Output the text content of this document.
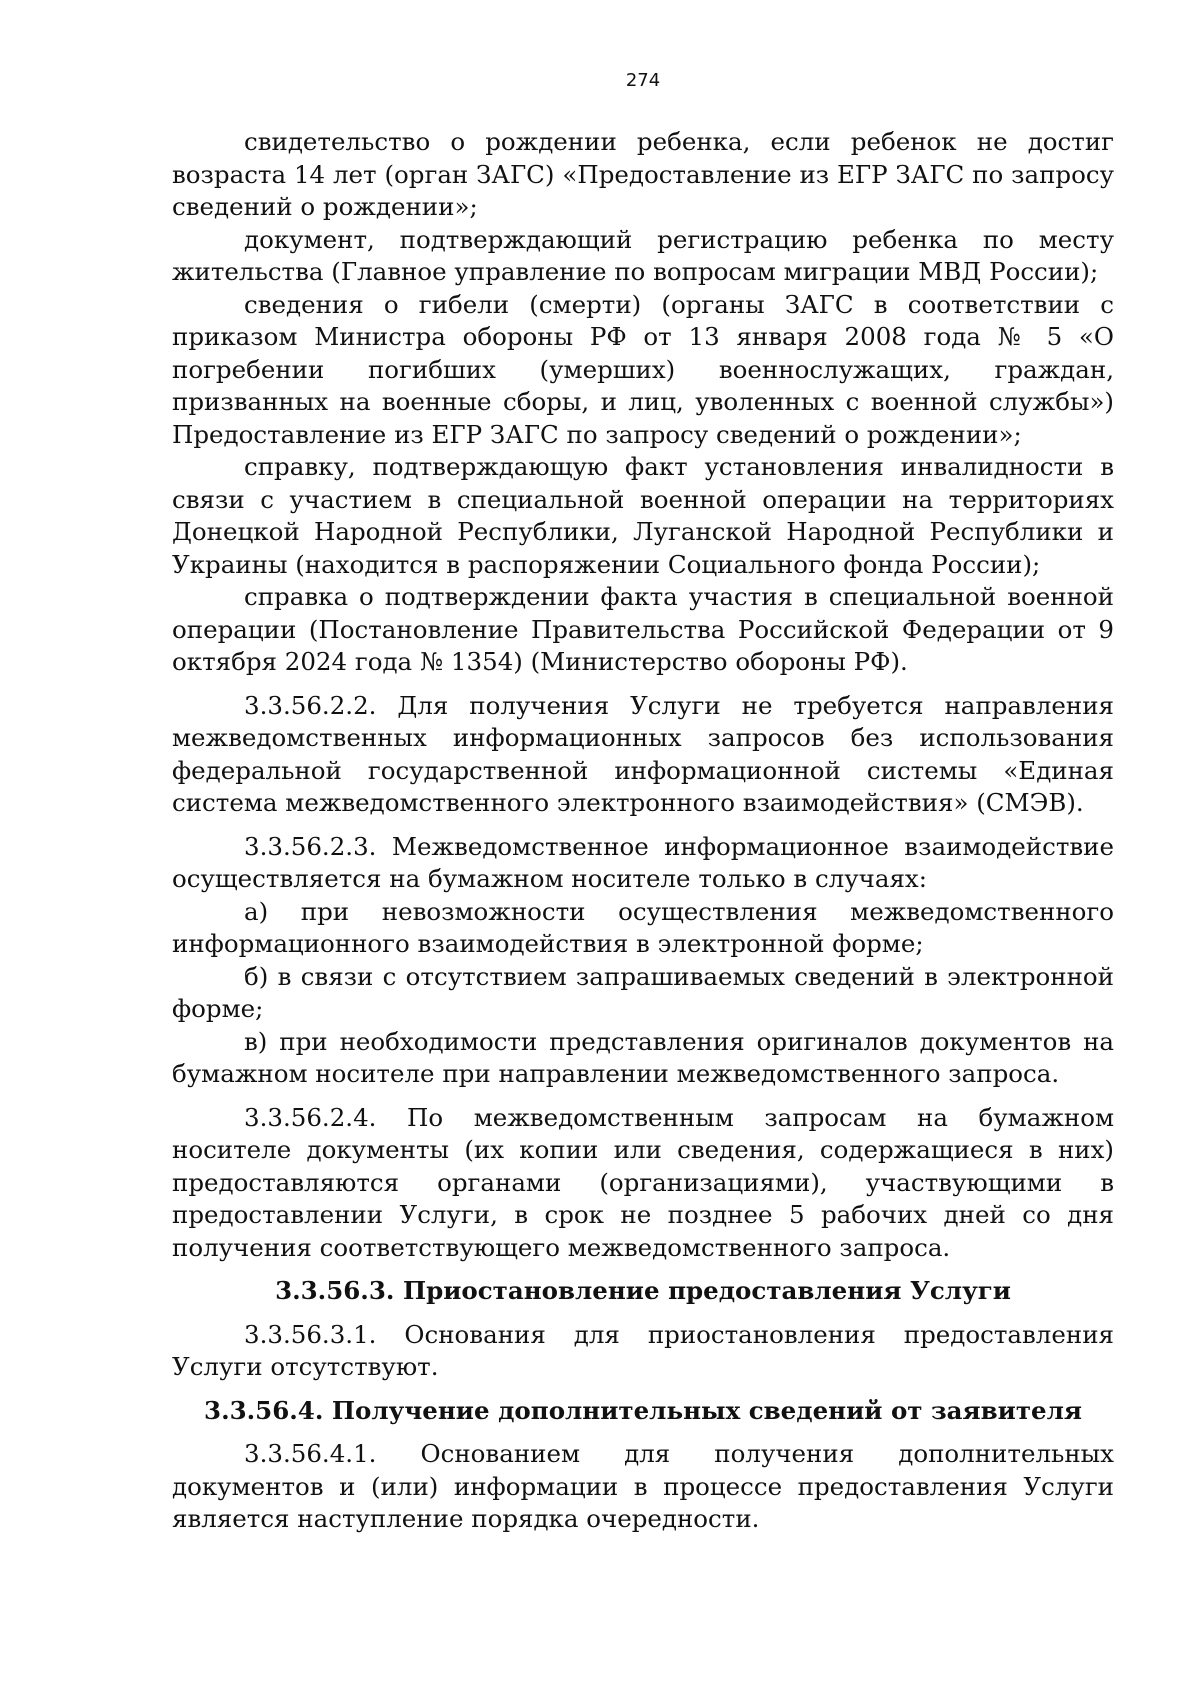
274

свидетельство о рождении ребенка, если ребенок не достиг возраста 14 лет (орган ЗАГС) «Предоставление из ЕГР ЗАГС по запросу сведений о рождении»;

документ, подтверждающий регистрацию ребенка по месту жительства (Главное управление по вопросам миграции МВД России);

сведения о гибели (смерти) (органы ЗАГС в соответствии с приказом Министра обороны РФ от 13 января 2008 года № 5 «О погребении погибших (умерших) военнослужащих, граждан, призванных на военные сборы, и лиц, уволенных с военной службы») Предоставление из ЕГР ЗАГС по запросу сведений о рождении»;

справку, подтверждающую факт установления инвалидности в связи с участием в специальной военной операции на территориях Донецкой Народной Республики, Луганской Народной Республики и Украины (находится в распоряжении Социального фонда России);

справка о подтверждении факта участия в специальной военной операции (Постановление Правительства Российской Федерации от 9 октября 2024 года № 1354) (Министерство обороны РФ).

3.3.56.2.2. Для получения Услуги не требуется направления межведомственных информационных запросов без использования федеральной государственной информационной системы «Единая система межведомственного электронного взаимодействия» (СМЭВ).

3.3.56.2.3. Межведомственное информационное взаимодействие осуществляется на бумажном носителе только в случаях:

а) при невозможности осуществления межведомственного информационного взаимодействия в электронной форме;

б) в связи с отсутствием запрашиваемых сведений в электронной форме;

в) при необходимости представления оригиналов документов на бумажном носителе при направлении межведомственного запроса.

3.3.56.2.4. По межведомственным запросам на бумажном носителе документы (их копии или сведения, содержащиеся в них) предоставляются органами (организациями), участвующими в предоставлении Услуги, в срок не позднее 5 рабочих дней со дня получения соответствующего межведомственного запроса.

3.3.56.3. Приостановление предоставления Услуги

3.3.56.3.1. Основания для приостановления предоставления Услуги отсутствуют.

3.3.56.4. Получение дополнительных сведений от заявителя

3.3.56.4.1. Основанием для получения дополнительных документов и (или) информации в процессе предоставления Услуги является наступление порядка очередности.
